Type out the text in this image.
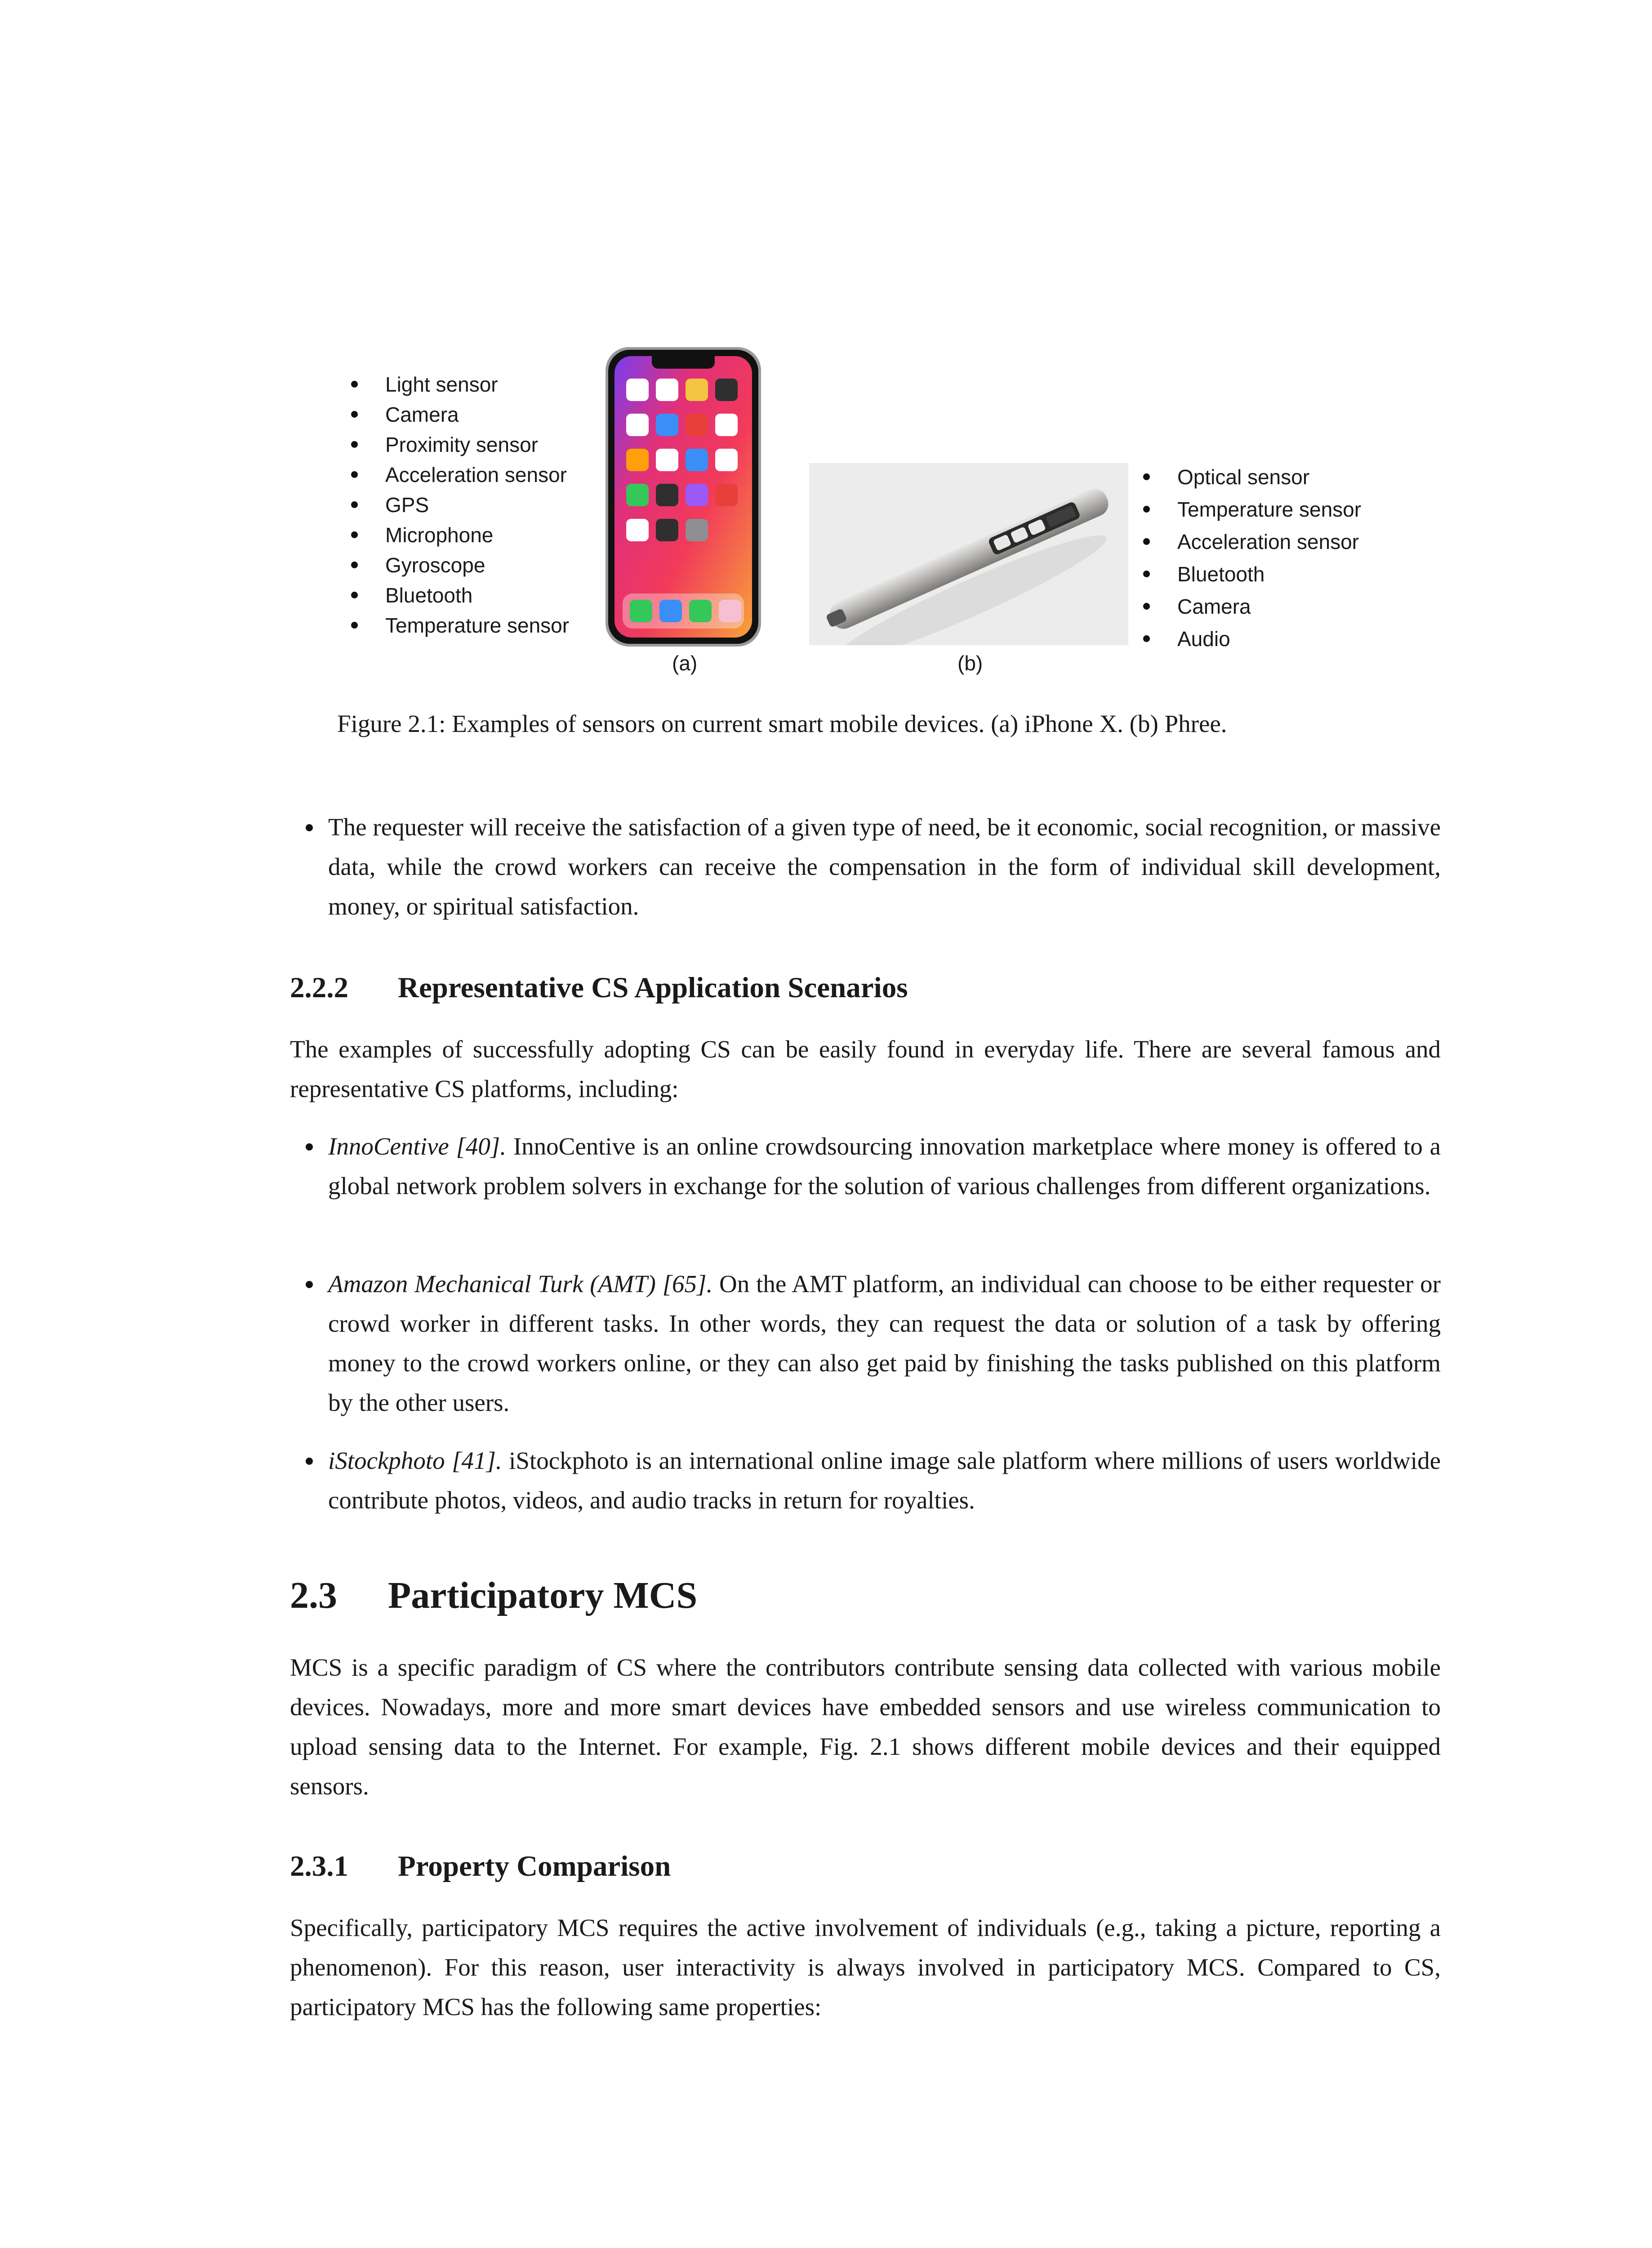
Light sensor
Camera
Proximity sensor
Acceleration sensor
GPS
Microphone
Gyroscope
Bluetooth
Temperature sensor
Optical sensor
Temperature sensor
Acceleration sensor
Bluetooth
Camera
Audio
(a)	(b)
Figure 2.1: Examples of sensors on current smart mobile devices. (a) iPhone X. (b) Phree.
The requester will receive the satisfaction of a given type of need, be it economic, social recognition, or massive data, while the crowd workers can receive the compensation in the form of individual skill development, money, or spiritual satisfaction.
2.2.2 Representative CS Application Scenarios
The examples of successfully adopting CS can be easily found in everyday life. There are several famous and representative CS platforms, including:
InnoCentive [40]. InnoCentive is an online crowdsourcing innovation marketplace where money is offered to a global network problem solvers in exchange for the solution of various challenges from different organizations.
Amazon Mechanical Turk (AMT) [65]. On the AMT platform, an individual can choose to be either requester or crowd worker in different tasks. In other words, they can request the data or solution of a task by offering money to the crowd workers online, or they can also get paid by finishing the tasks published on this platform by the other users.
iStockphoto [41]. iStockphoto is an international online image sale platform where millions of users worldwide contribute photos, videos, and audio tracks in return for royalties.
2.3 Participatory MCS
MCS is a specific paradigm of CS where the contributors contribute sensing data collected with various mobile devices. Nowadays, more and more smart devices have embedded sensors and use wireless communication to upload sensing data to the Internet. For example, Fig. 2.1 shows different mobile devices and their equipped sensors.
2.3.1 Property Comparison
Specifically, participatory MCS requires the active involvement of individuals (e.g., taking a picture, reporting a phenomenon). For this reason, user interactivity is always involved in participatory MCS. Compared to CS, participatory MCS has the following same properties:
